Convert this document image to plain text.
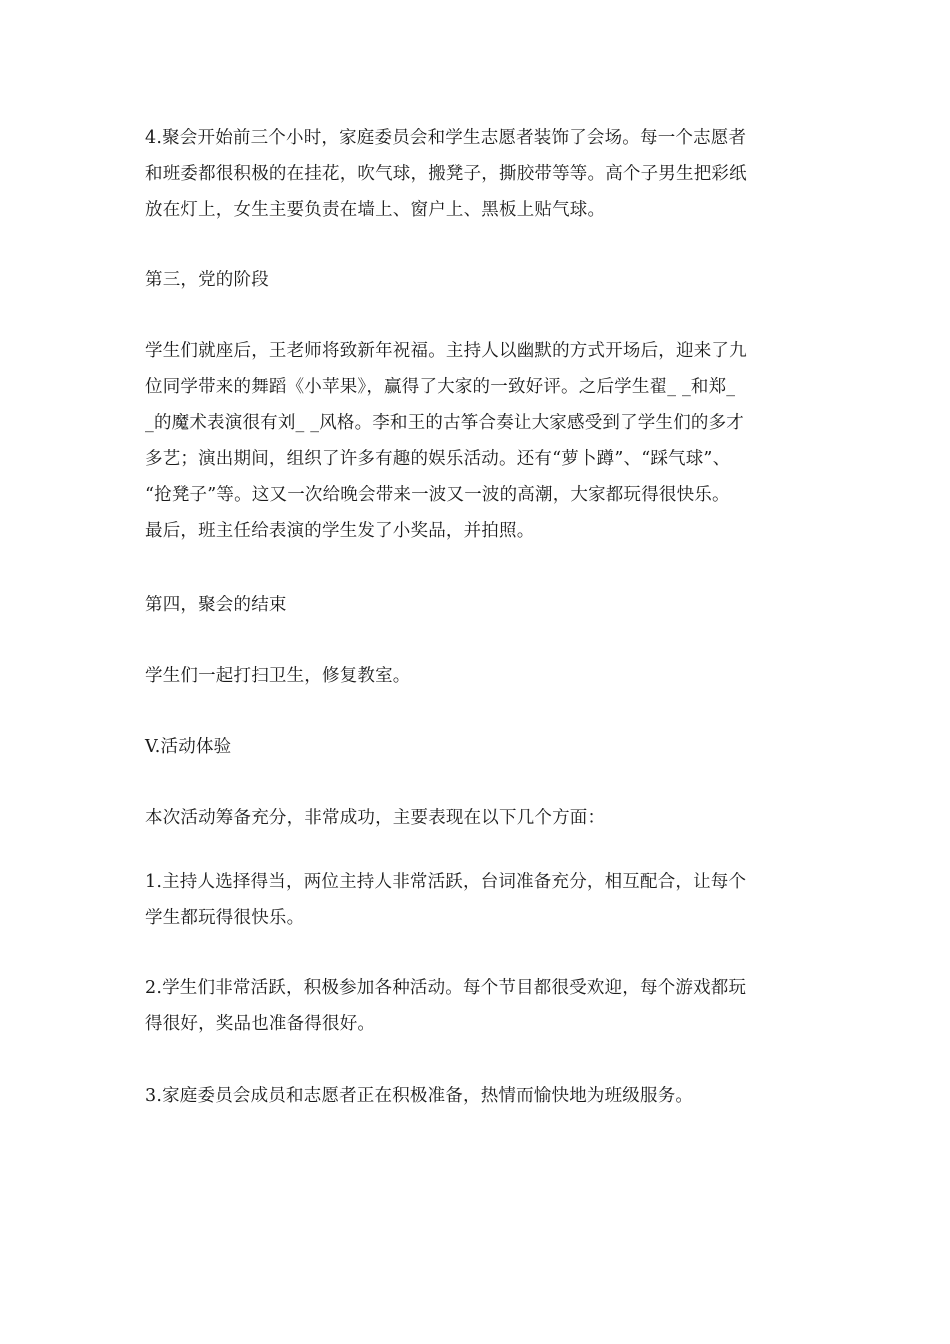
4.聚会开始前三个小时，家庭委员会和学生志愿者装饰了会场。每一个志愿者
和班委都很积极的在挂花，吹气球，搬凳子，撕胶带等等。高个子男生把彩纸
放在灯上，女生主要负责在墙上、窗户上、黑板上贴气球。

第三，党的阶段

学生们就座后，王老师将致新年祝福。主持人以幽默的方式开场后，迎来了九
位同学带来的舞蹈《小苹果》，赢得了大家的一致好评。之后学生翟_ _和郑_
_的魔术表演很有刘_ _风格。李和王的古筝合奏让大家感受到了学生们的多才
多艺；演出期间，组织了许多有趣的娱乐活动。还有“萝卜蹲”、“踩气球”、
“抢凳子”等。这又一次给晚会带来一波又一波的高潮，大家都玩得很快乐。
最后，班主任给表演的学生发了小奖品，并拍照。

第四，聚会的结束

学生们一起打扫卫生，修复教室。

V.活动体验

本次活动筹备充分，非常成功，主要表现在以下几个方面：

1.主持人选择得当，两位主持人非常活跃，台词准备充分，相互配合，让每个
学生都玩得很快乐。

2.学生们非常活跃，积极参加各种活动。每个节目都很受欢迎，每个游戏都玩
得很好，奖品也准备得很好。

3.家庭委员会成员和志愿者正在积极准备，热情而愉快地为班级服务。
